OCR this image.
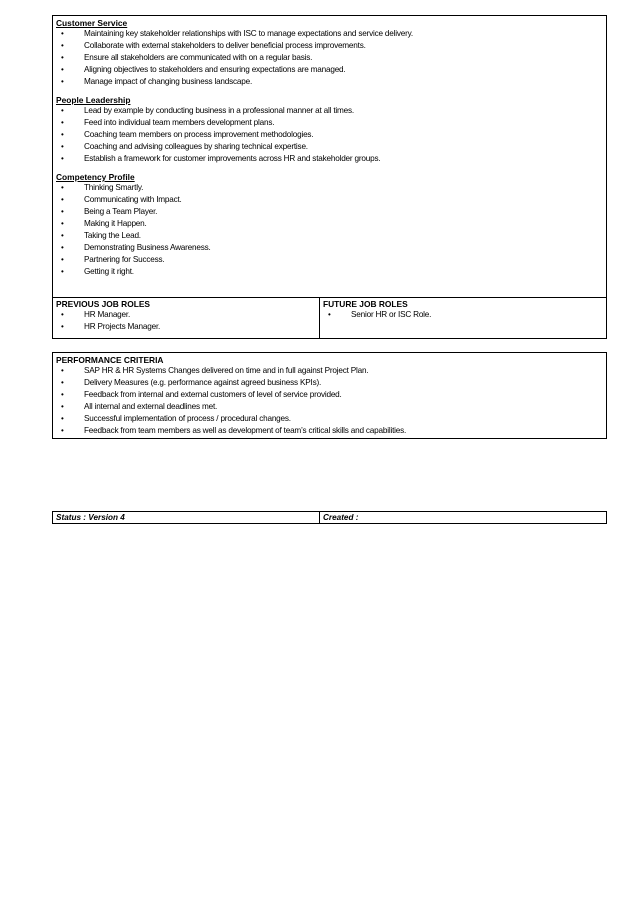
Customer Service

• Maintaining key stakeholder relationships with ISC to manage expectations and service delivery.
• Collaborate with external stakeholders to deliver beneficial process improvements.
• Ensure all stakeholders are communicated with on a regular basis.
• Aligning objectives to stakeholders and ensuring expectations are managed.
• Manage impact of changing business landscape.

People Leadership

• Lead by example by conducting business in a professional manner at all times.
• Feed into individual team members development plans.
• Coaching team members on process improvement methodologies.
• Coaching and advising colleagues by sharing technical expertise.
• Establish a framework for customer improvements across HR and stakeholder groups.

Competency Profile

• Thinking Smartly.
• Communicating with Impact.
• Being a Team Player.
• Making it Happen.
• Taking the Lead.
• Demonstrating Business Awareness.
• Partnering for Success.
• Getting it right.

PREVIOUS JOB ROLES

• HR Manager.
• HR Projects Manager.

FUTURE JOB ROLES

• Senior HR or ISC Role.

PERFORMANCE CRITERIA

• SAP HR & HR Systems Changes delivered on time and in full against Project Plan.
• Delivery Measures (e.g. performance against agreed business KPIs).
• Feedback from internal and external customers of level of service provided.
• All internal and external deadlines met.
• Successful implementation of process / procedural changes.
• Feedback from team members as well as development of team’s critical skills and capabilities.
Status : Version 4	Created :
